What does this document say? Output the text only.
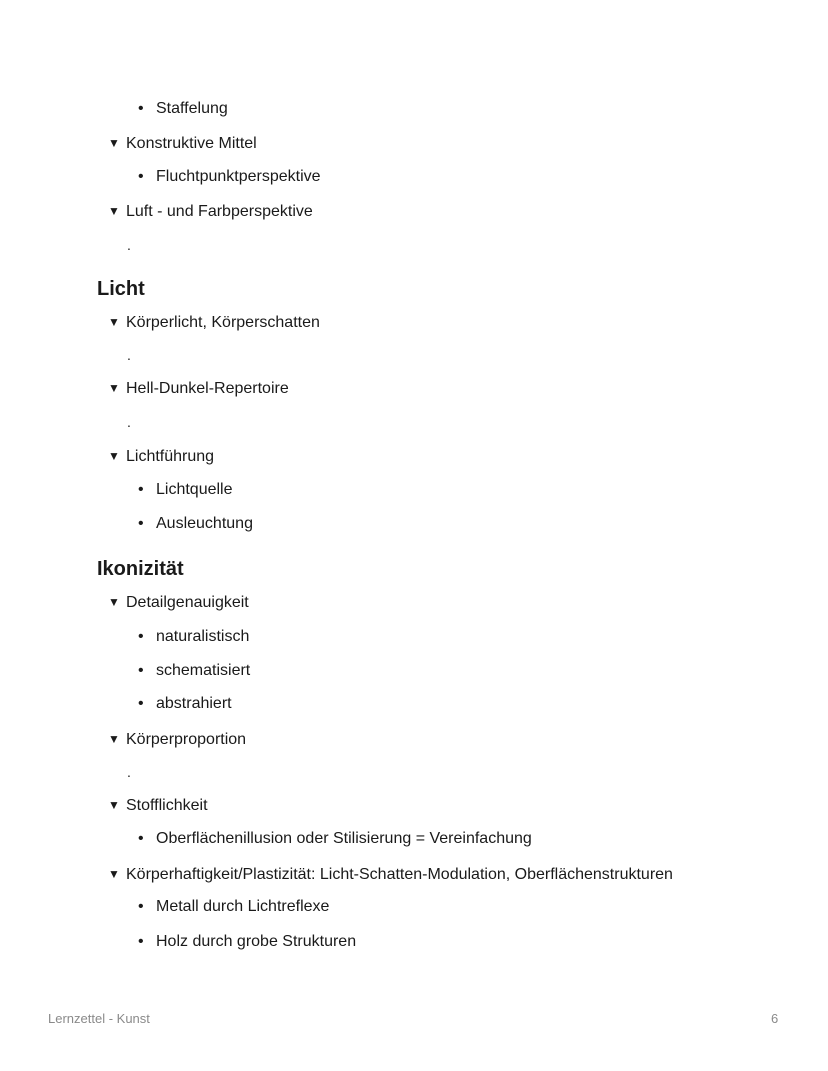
• Staffelung
▼ Konstruktive Mittel
• Fluchtpunktperspektive
▼ Luft - und Farbperspektive
.
Licht
▼ Körperlicht, Körperschatten
.
▼ Hell-Dunkel-Repertoire
.
▼ Lichtführung
• Lichtquelle
• Ausleuchtung
Ikonizität
▼ Detailgenauigkeit
• naturalistisch
• schematisiert
• abstrahiert
▼ Körperproportion
.
▼ Stofflichkeit
• Oberflächenillusion oder Stilisierung = Vereinfachung
▼ Körperhaftigkeit/Plastizität: Licht-Schatten-Modulation, Oberflächenstrukturen
• Metall durch Lichtreflexe
• Holz durch grobe Strukturen
Lernzettel - Kunst	6
